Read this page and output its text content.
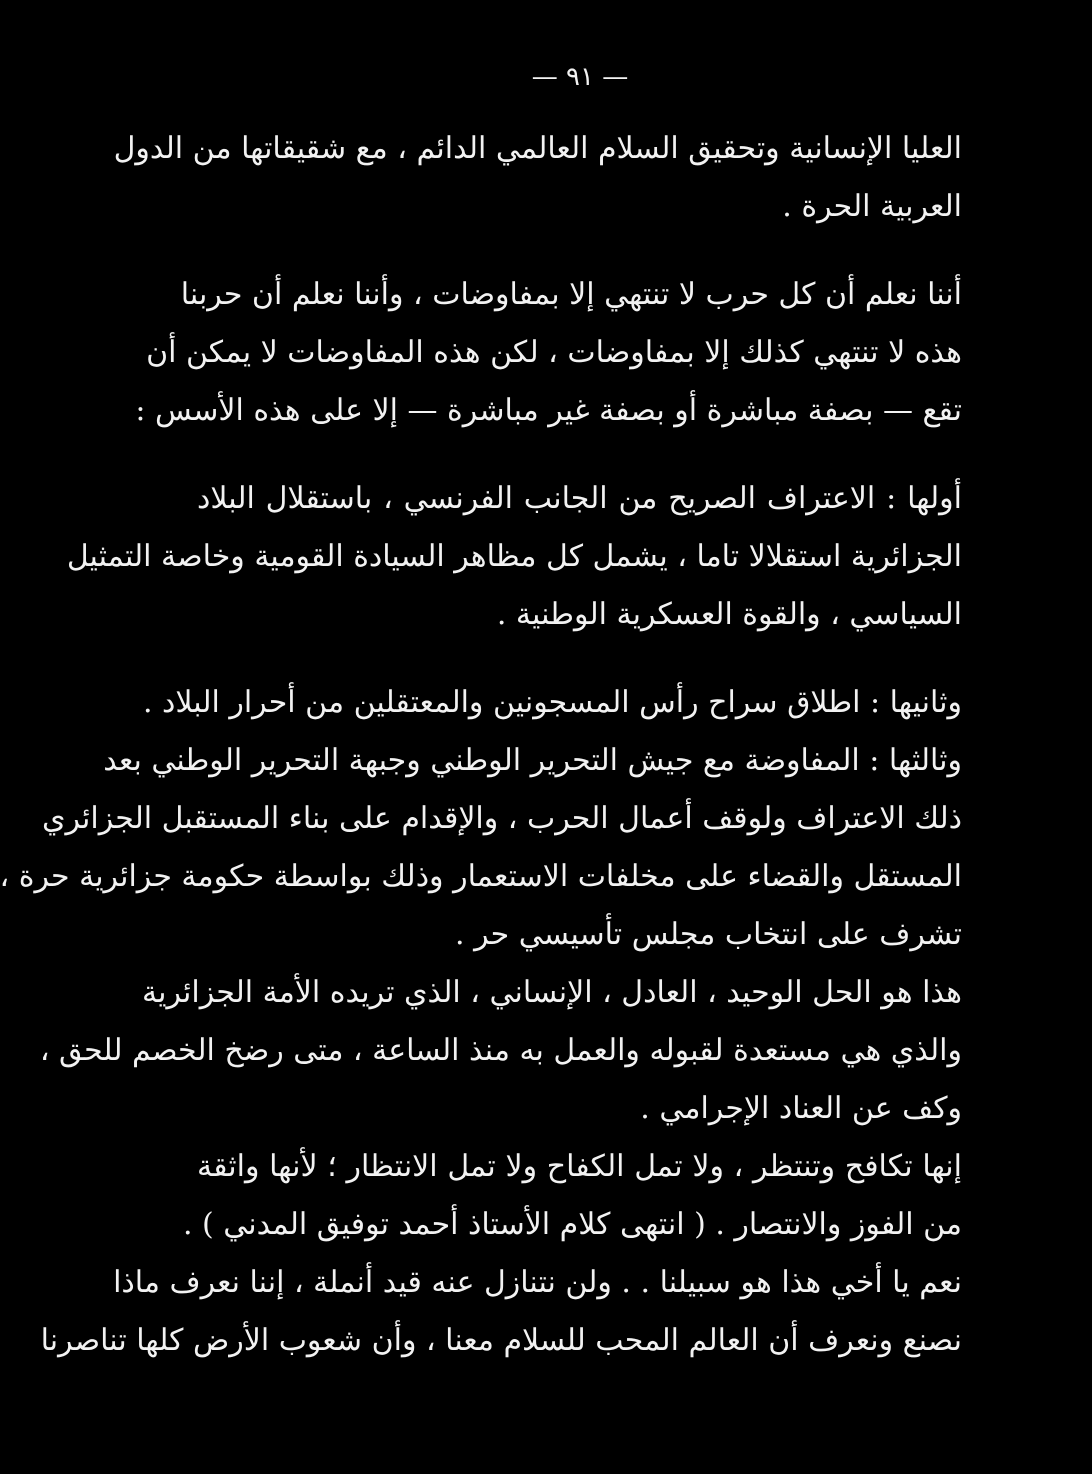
— ٩١ —
العليا الإنسانية وتحقيق السلام العالمي الدائم ، مع شقيقاتها من الدول
العربية الحرة .
أننا نعلم أن كل حرب لا تنتهي إلا بمفاوضات ، وأننا نعلم أن حربنا
هذه لا تنتهي كذلك إلا بمفاوضات ، لكن هذه المفاوضات لا يمكن أن
تقع — بصفة مباشرة أو بصفة غير مباشرة — إلا على هذه الأسس :
أولها : الاعتراف الصريح من الجانب الفرنسي ، باستقلال البلاد
الجزائرية استقلالا تاما ، يشمل كل مظاهر السيادة القومية وخاصة التمثيل
السياسي ، والقوة العسكرية الوطنية .
وثانيها : اطلاق سراح رأس المسجونين والمعتقلين من أحرار البلاد .
وثالثها : المفاوضة مع جيش التحرير الوطني وجبهة التحرير الوطني بعد
ذلك الاعتراف ولوقف أعمال الحرب ، والإقدام على بناء المستقبل الجزائري
المستقل والقضاء على مخلفات الاستعمار وذلك بواسطة حكومة جزائرية حرة ،
تشرف على انتخاب مجلس تأسيسي حر .
هذا هو الحل الوحيد ، العادل ، الإنساني ، الذي تريده الأمة الجزائرية
والذي هي مستعدة لقبوله والعمل به منذ الساعة ، متى رضخ الخصم للحق ،
وكف عن العناد الإجرامي .
إنها تكافح وتنتظر ، ولا تمل الكفاح ولا تمل الانتظار ؛ لأنها واثقة
من الفوز والانتصار . ( انتهى كلام الأستاذ أحمد توفيق المدني ) .
نعم يا أخي هذا هو سبيلنا . . ولن نتنازل عنه قيد أنملة ، إننا نعرف ماذا
نصنع ونعرف أن العالم المحب للسلام معنا ، وأن شعوب الأرض كلها تناصرنا
